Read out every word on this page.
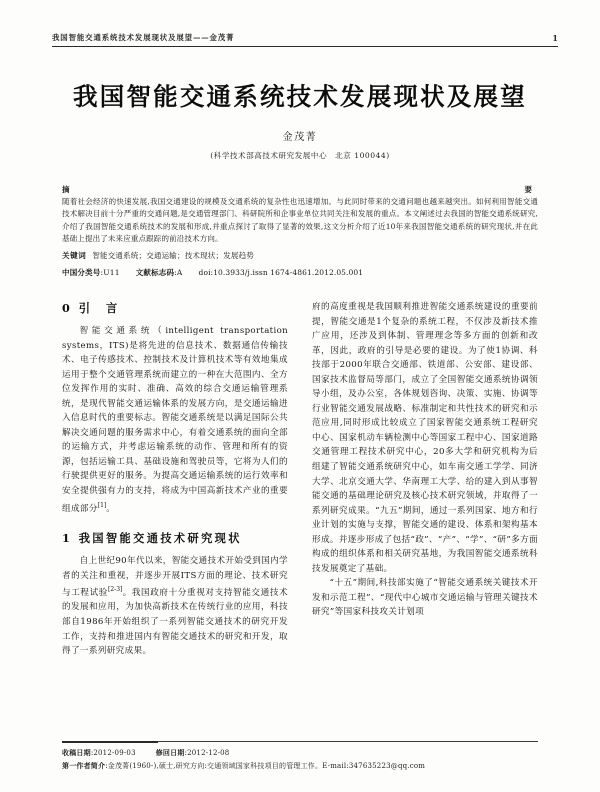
我国智能交通系统技术发展现状及展望——金茂菁	1
我国智能交通系统技术发展现状及展望
金茂菁
(科学技术部高技术研究发展中心　北京 100044)
摘　要随着社会经济的快速发展,我国交通建设的规模及交通系统的复杂性也迅速增加。与此同时带来的交通问题也越来越突出。如何利用智能交通技术解决目前十分严重的交通问题,是交通管理部门、科研院所和企事业单位共同关注和发展的重点。本文阐述过去我国的智能交通系统研究,介绍了我国智能交通系统技术的发展和形成,并重点探讨了取得了显著的效果,这文分析介绍了近10年来我国智能交通系统的研究现状,并在此基础上提出了未来应重点跟踪的前沿技术方向。
关键词 智能交通系统；交通运输；技术现状；发展趋势
中国分类号:U11 文献标志码:A doi:10.3933/j.issn 1674-4861.2012.05.001
0 引　言

智能交通系统（intelligent transportation systems，ITS)是将先进的信息技术、数据通信传输技术、电子传感技术、控制技术及计算机技术等有效地集成运用于整个交通管理系统而建立的一种在大范围内、全方位发挥作用的实时、准确、高效的综合交通运输管理系统，是现代智能交通运输体系的发展方向，是交通运输进入信息时代的重要标志。智能交通系统是以满足国际公共解决交通问题的服务需求中心，有着交通系统的面向全部的运输方式，并考虑运输系统的动作、管理和所有的资源，包括运输工具、基础设施和驾驶员等，它将为人们的行驶提供更好的服务。为提高交通运输系统的运行效率和安全提供强有力的支持，将成为中国高新技术产业的重要组成部分[1]。

1 我国智能交通技术研究现状

自上世纪90年代以来，智能交通技术开始受到国内学者的关注和重视，并逐步开展ITS方面的理论、技术研究与工程试验[2-3]。我国政府十分重视对支持智能交通技术的发展和应用，为加快高新技术在传统行业的应用，科技部自1986年开始组织了一系列智能交通技术的研究开发工作，支持和推进国内有智能交通技术的研究和开发，取得了一系列研究成果。

府的高度重视是我国顺利推进智能交通系统建设的重要前提，智能交通是1个复杂的系统工程，不仅涉及新技术推广应用，还涉及到体制、管理理念等多方面的创新和改革，因此，政府的引导是必要的建设。为了使1协调、科技部于2000年联合交通部、铁道部、公安部、建设部、国家技术监督局等部门，成立了全国智能交通系统协调领导小组，及办公室，各体规划咨询、决策、实施、协调等行业智能交通发展战略、标准制定和共性技术的研究和示范应用,同时形成比较成立了国家智能交通系统工程研究中心、国家机动车辆检测中心等国家工程中心、国家道路交通管理工程技术研究中心，20多大学和研究机构为后组建了智能交通系统研究中心，如车南交通工学学、同济大学、北京交通大学、华南理工大学、给的建入到从事智能交通的基础理论研究及核心技术研究领域，并取得了一系列研究成果。“九五”期间，通过一系列国家、地方和行业计划的实施与支撑，智能交通的建设、体系和架构基本形成。并逐步形成了包括“政”、“产”、“学”、“研”多方面构成的组织体系和相关研究基地，为我国智能交通系统科技发展奠定了基础。

“十五”期间,科技部实施了“智能交通系统关键技术开发和示范工程”、“现代中心城市交通运输与管理关键技术研究”等国家科技攻关计划项

收稿日期:2012-09-03	修回日期:2012-12-08
第一作者简介:金茂菁(1960-),硕士,研究方向:交通领域国家科技项目的管理工作。E-mail:347635223@qq.com
